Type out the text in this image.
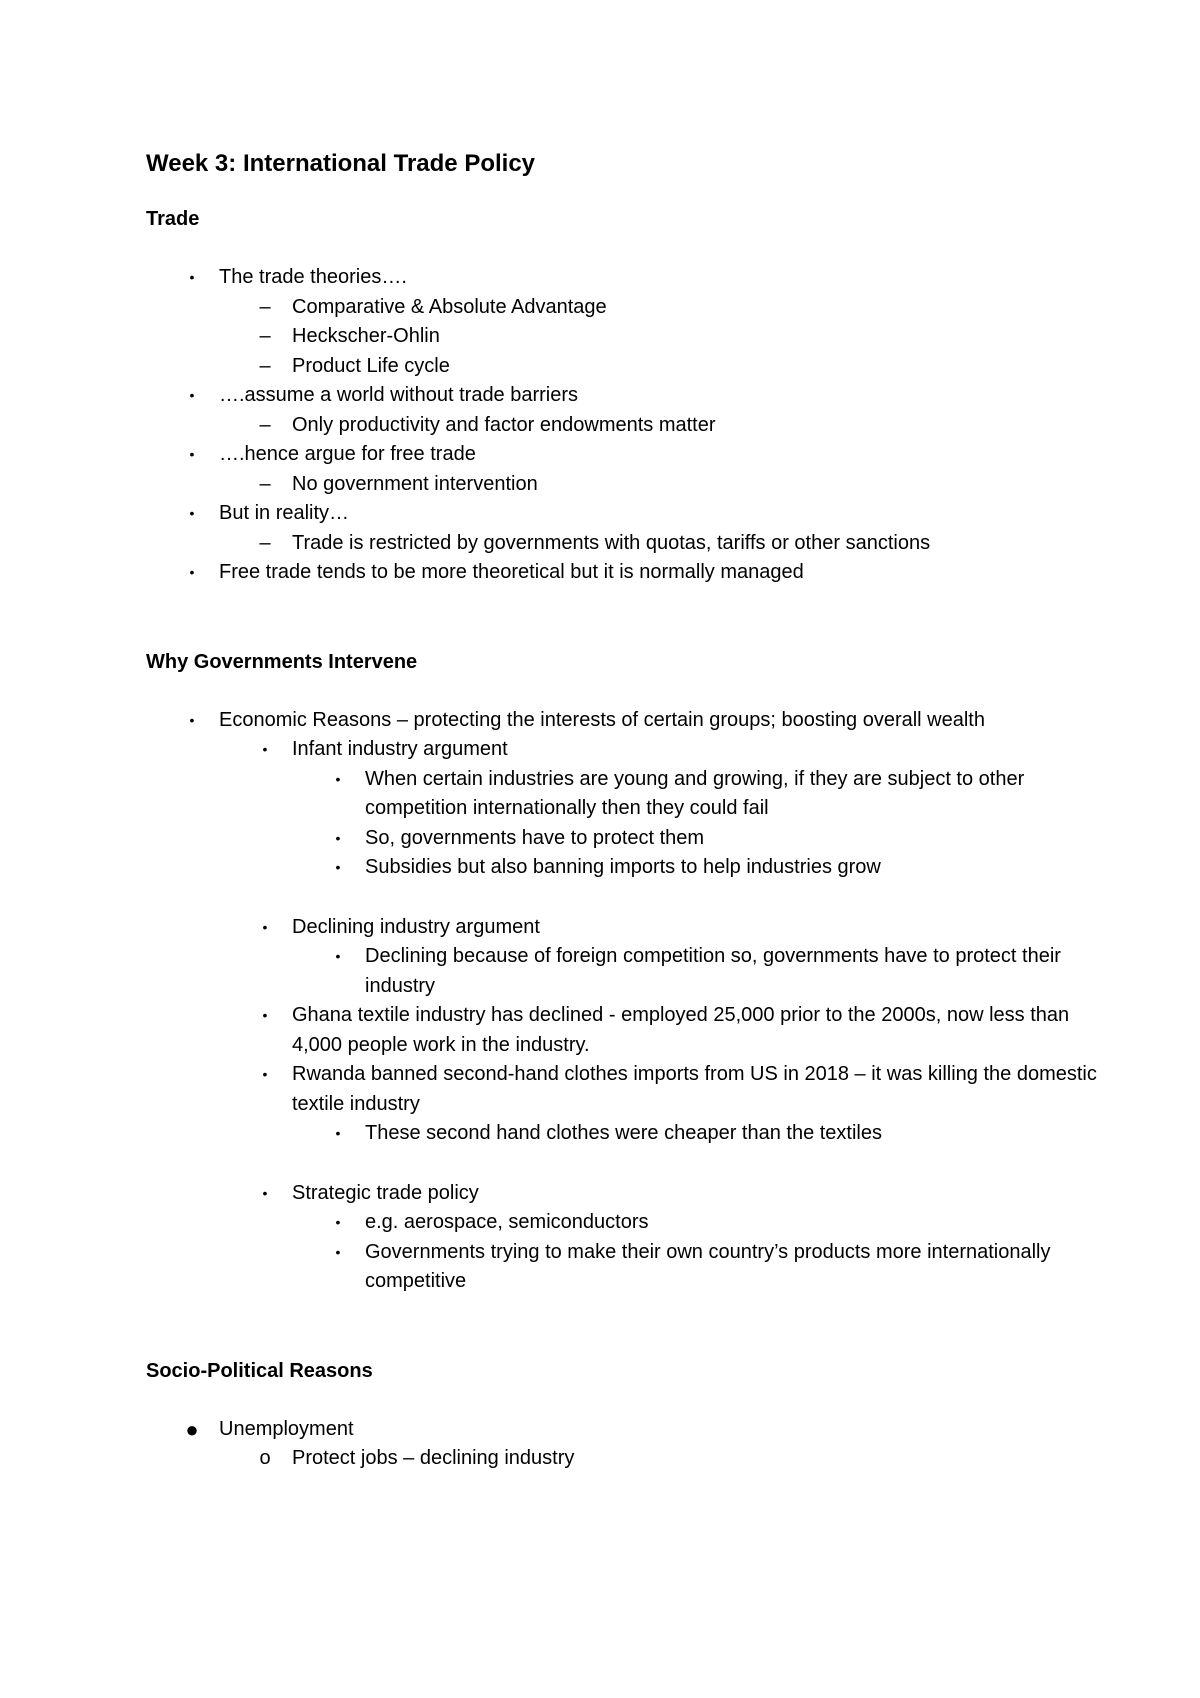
Week 3: International Trade Policy
Trade
•	The trade theories….
– Comparative & Absolute Advantage
– Heckscher-Ohlin
– Product Life cycle
•	….assume a world without trade barriers
– Only productivity and factor endowments matter
•	….hence argue for free trade
– No government intervention
•	But in reality…
– Trade is restricted by governments with quotas, tariffs or other sanctions
•	Free trade tends to be more theoretical but it is normally managed
Why Governments Intervene
•	Economic Reasons – protecting the interests of certain groups; boosting overall wealth
•	Infant industry argument
•	When certain industries are young and growing, if they are subject to other competition internationally then they could fail
•	So, governments have to protect them
•	Subsidies but also banning imports to help industries grow
•	Declining industry argument
•	Declining because of foreign competition so, governments have to protect their industry
•	Ghana textile industry has declined - employed 25,000 prior to the 2000s, now less than 4,000 people work in the industry.
•	Rwanda banned second-hand clothes imports from US in 2018 – it was killing the domestic textile industry
•	These second hand clothes were cheaper than the textiles
•	Strategic trade policy
•	e.g. aerospace, semiconductors
•	Governments trying to make their own country’s products more internationally competitive
Socio-Political Reasons
● Unemployment
o Protect jobs – declining industry
